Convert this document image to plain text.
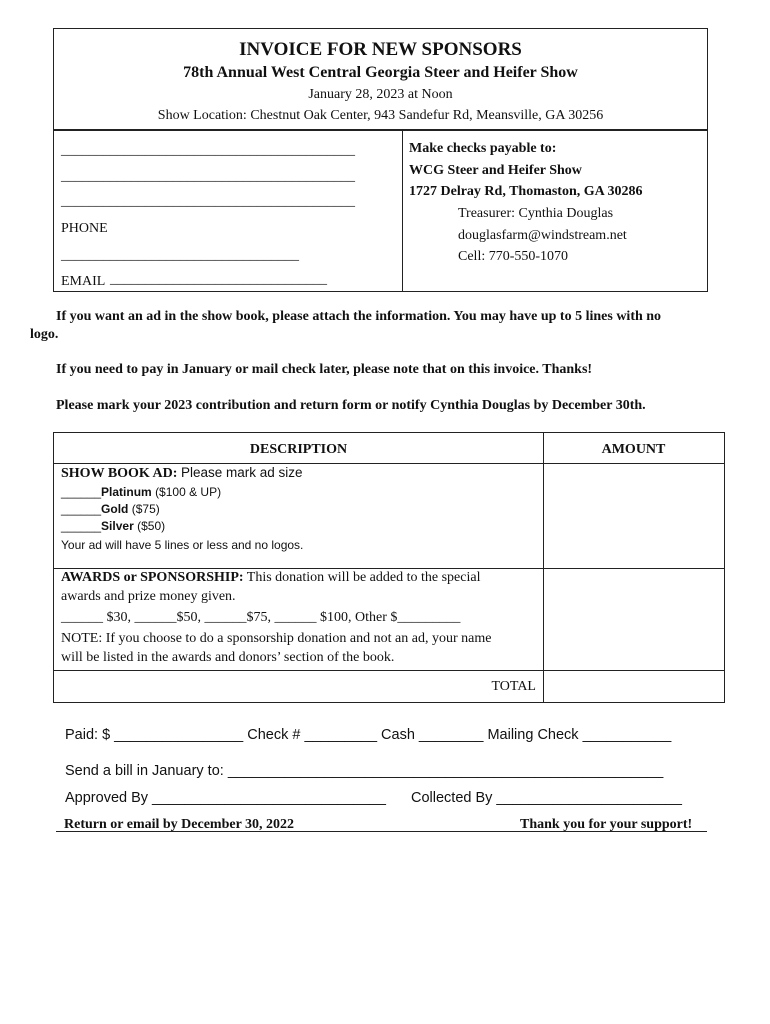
INVOICE FOR NEW SPONSORS
78th Annual West Central Georgia Steer and Heifer Show
January 28, 2023 at Noon
Show Location: Chestnut Oak Center, 943 Sandefur Rd, Meansville, GA 30256
__________________________________________
__________________________________________
__________________________________________
PHONE
__________________________________
EMAIL _______________________________
Make checks payable to:
WCG Steer and Heifer Show
1727 Delray Rd, Thomaston, GA 30286
Treasurer: Cynthia Douglas
douglasfarm@windstream.net
Cell: 770-550-1070
If you want an ad in the show book, please attach the information. You may have up to 5 lines with no
logo.
If you need to pay in January or mail check later, please note that on this invoice. Thanks!
Please mark your 2023 contribution and return form or notify Cynthia Douglas by December 30th.
DESCRIPTION	AMOUNT
SHOW BOOK AD: Please mark ad size
______Platinum ($100 & UP)
______Gold ($75)
______Silver ($50)
Your ad will have 5 lines or less and no logos.
AWARDS or SPONSORSHIP: This donation will be added to the special
awards and prize money given.
______ $30, ______$50, ______$75, ______ $100, Other $_________
NOTE: If you choose to do a sponsorship donation and not an ad, your name
will be listed in the awards and donors’ section of the book.
TOTAL
Paid: $ ________________ Check # _________ Cash ________ Mailing Check ___________
Send a bill in January to: ______________________________________________________
Approved By _____________________________ Collected By _______________________
Return or email by December 30, 2022	Thank you for your support!
